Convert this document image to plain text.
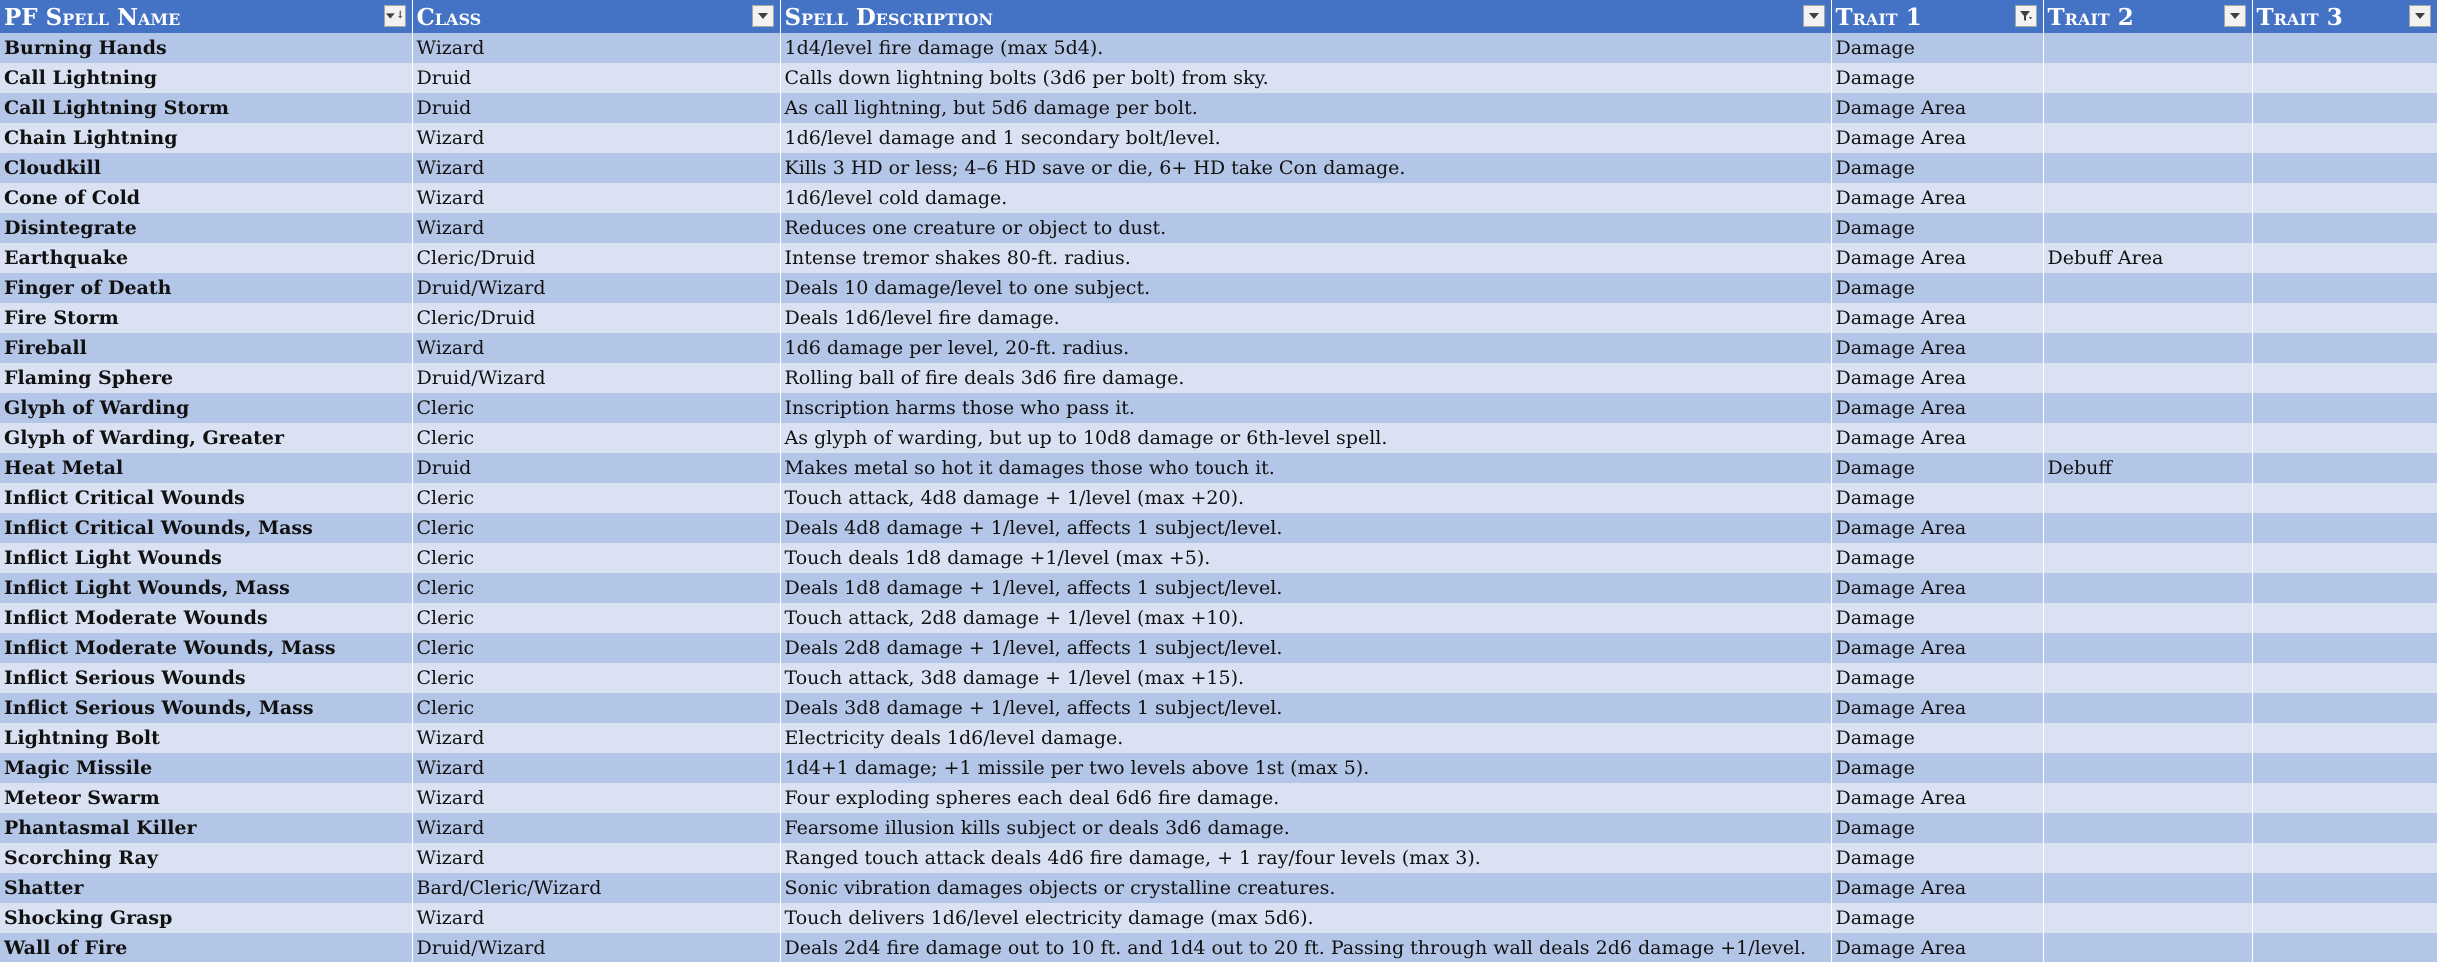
PF Spell Name ↓	Class	Spell Description	Trait 1	Trait 2	Trait 3

Burning Hands	Wizard	1d4/level fire damage (max 5d4).	Damage		
Call Lightning	Druid	Calls down lightning bolts (3d6 per bolt) from sky.	Damage		
Call Lightning Storm	Druid	As call lightning, but 5d6 damage per bolt.	Damage Area		
Chain Lightning	Wizard	1d6/level damage and 1 secondary bolt/level.	Damage Area		
Cloudkill	Wizard	Kills 3 HD or less; 4–6 HD save or die, 6+ HD take Con damage.	Damage		
Cone of Cold	Wizard	1d6/level cold damage.	Damage Area		
Disintegrate	Wizard	Reduces one creature or object to dust.	Damage		
Earthquake	Cleric/Druid	Intense tremor shakes 80-ft. radius.	Damage Area	Debuff Area	
Finger of Death	Druid/Wizard	Deals 10 damage/level to one subject.	Damage		
Fire Storm	Cleric/Druid	Deals 1d6/level fire damage.	Damage Area		
Fireball	Wizard	1d6 damage per level, 20-ft. radius.	Damage Area		
Flaming Sphere	Druid/Wizard	Rolling ball of fire deals 3d6 fire damage.	Damage Area		
Glyph of Warding	Cleric	Inscription harms those who pass it.	Damage Area		
Glyph of Warding, Greater	Cleric	As glyph of warding, but up to 10d8 damage or 6th-level spell.	Damage Area		
Heat Metal	Druid	Makes metal so hot it damages those who touch it.	Damage	Debuff	
Inflict Critical Wounds	Cleric	Touch attack, 4d8 damage + 1/level (max +20).	Damage		
Inflict Critical Wounds, Mass	Cleric	Deals 4d8 damage + 1/level, affects 1 subject/level.	Damage Area		
Inflict Light Wounds	Cleric	Touch deals 1d8 damage +1/level (max +5).	Damage		
Inflict Light Wounds, Mass	Cleric	Deals 1d8 damage + 1/level, affects 1 subject/level.	Damage Area		
Inflict Moderate Wounds	Cleric	Touch attack, 2d8 damage + 1/level (max +10).	Damage		
Inflict Moderate Wounds, Mass	Cleric	Deals 2d8 damage + 1/level, affects 1 subject/level.	Damage Area		
Inflict Serious Wounds	Cleric	Touch attack, 3d8 damage + 1/level (max +15).	Damage		
Inflict Serious Wounds, Mass	Cleric	Deals 3d8 damage + 1/level, affects 1 subject/level.	Damage Area		
Lightning Bolt	Wizard	Electricity deals 1d6/level damage.	Damage		
Magic Missile	Wizard	1d4+1 damage; +1 missile per two levels above 1st (max 5).	Damage		
Meteor Swarm	Wizard	Four exploding spheres each deal 6d6 fire damage.	Damage Area		
Phantasmal Killer	Wizard	Fearsome illusion kills subject or deals 3d6 damage.	Damage		
Scorching Ray	Wizard	Ranged touch attack deals 4d6 fire damage, + 1 ray/four levels (max 3).	Damage		
Shatter	Bard/Cleric/Wizard	Sonic vibration damages objects or crystalline creatures.	Damage Area		
Shocking Grasp	Wizard	Touch delivers 1d6/level electricity damage (max 5d6).	Damage		
Wall of Fire	Druid/Wizard	Deals 2d4 fire damage out to 10 ft. and 1d4 out to 20 ft. Passing through wall deals 2d6 damage +1/level.	Damage Area		
